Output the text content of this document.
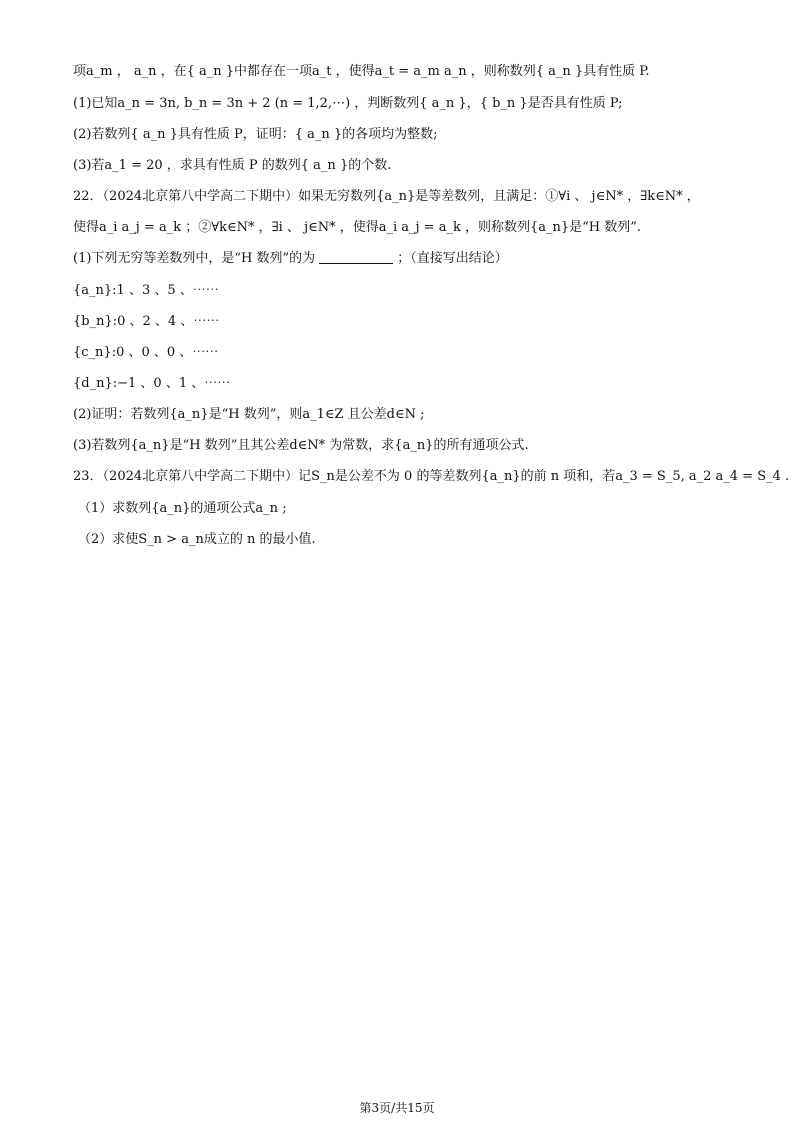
项a_m ， a_n ，在{ a_n }中都存在一项a_t ，使得a_t = a_m a_n ，则称数列{ a_n }具有性质 P.
(1)已知a_n = 3n, b_n = 3n + 2 (n = 1,2,⋯) ，判断数列{ a_n }，{ b_n }是否具有性质 P;
(2)若数列{ a_n }具有性质 P，证明：{ a_n }的各项均为整数;
(3)若a_1 = 20 ，求具有性质 P 的数列{ a_n }的个数.
22．（2024北京第八中学高二下期中）如果无穷数列{a_n}是等差数列，且满足：①∀i 、 j∈N* ，∃k∈N* ，
使得a_i a_j = a_k ；②∀k∈N* ，∃i 、 j∈N* ，使得a_i a_j = a_k ，则称数列{a_n}是“H 数列”.
(1)下列无穷等差数列中，是“H 数列”的为	；（直接写出结论）
{a_n}:1 、3 、5 、⋯⋯
{b_n}:0 、2 、4 、⋯⋯
{c_n}:0 、0 、0 、⋯⋯
{d_n}:−1 、0 、1 、⋯⋯
(2)证明：若数列{a_n}是“H 数列”，则a_1∈Z 且公差d∈N ;
(3)若数列{a_n}是“H 数列”且其公差d∈N* 为常数，求{a_n}的所有通项公式.
23．（2024北京第八中学高二下期中）记S_n是公差不为 0 的等差数列{a_n}的前 n 项和，若a_3 = S_5, a_2 a_4 = S_4 .
（1）求数列{a_n}的通项公式a_n ;
（2）求使S_n > a_n成立的 n 的最小值.
第3页/共15页
